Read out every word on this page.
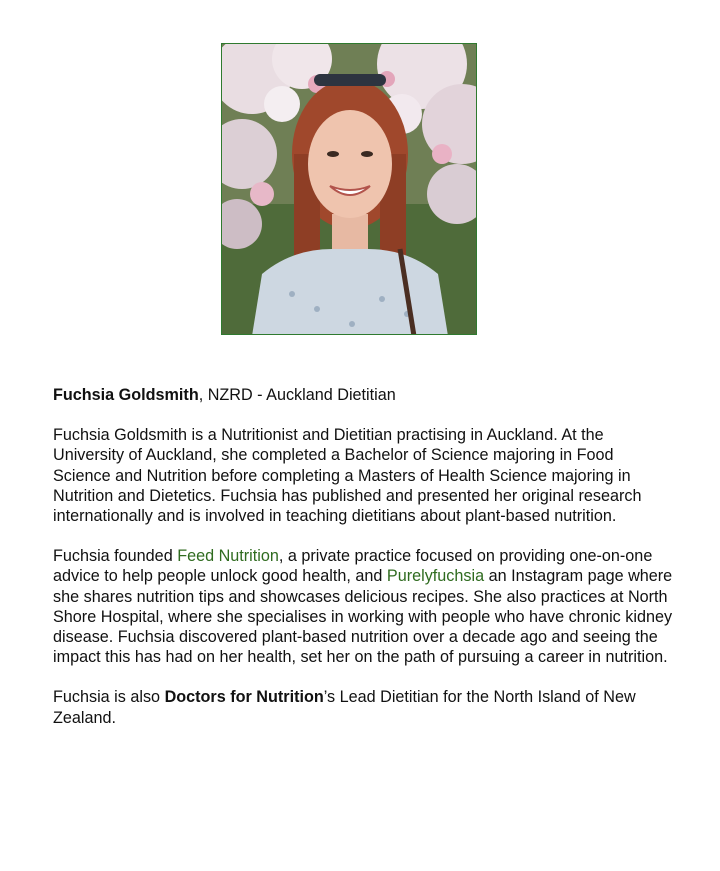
Fuchsia Goldsmith, NZRD - Auckland Dietitian

Fuchsia Goldsmith is a Nutritionist and Dietitian practising in Auckland. At the University of Auckland, she completed a Bachelor of Science majoring in Food Science and Nutrition before completing a Masters of Health Science majoring in Nutrition and Dietetics. Fuchsia has published and presented her original research internationally and is involved in teaching dietitians about plant-based nutrition.

Fuchsia founded Feed Nutrition, a private practice focused on providing one-on-one advice to help people unlock good health, and Purelyfuchsia an Instagram page where she shares nutrition tips and showcases delicious recipes. She also practices at North Shore Hospital, where she specialises in working with people who have chronic kidney disease. Fuchsia discovered plant-based nutrition over a decade ago and seeing the impact this has had on her health, set her on the path of pursuing a career in nutrition.

Fuchsia is also Doctors for Nutrition’s Lead Dietitian for the North Island of New Zealand.
